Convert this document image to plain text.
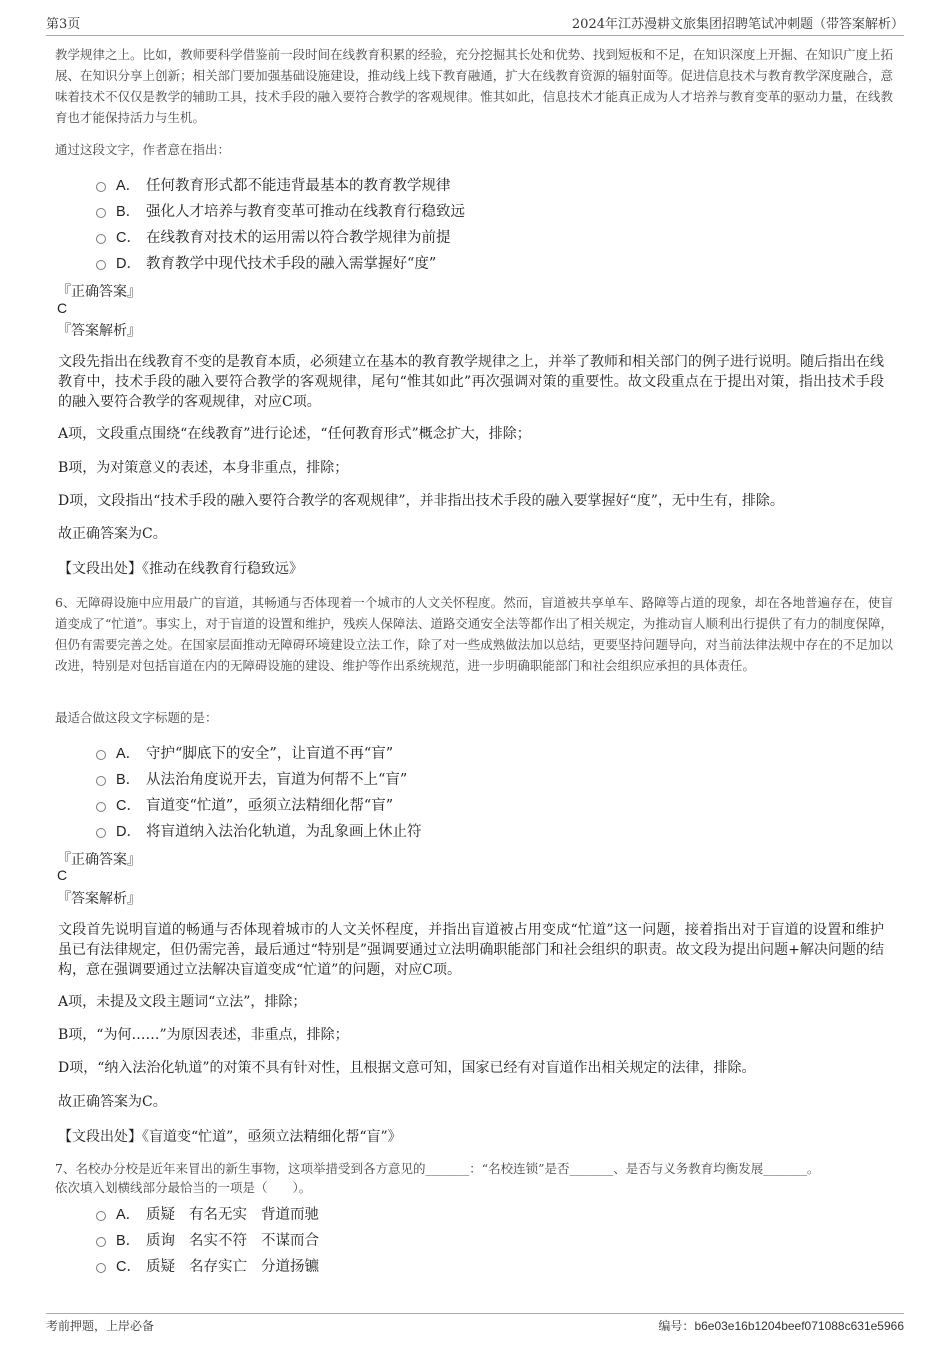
第3页	2024年江苏漫耕文旅集团招聘笔试冲刺题（带答案解析）
教学规律之上。比如，教师要科学借鉴前一段时间在线教育积累的经验，充分挖掘其长处和优势、找到短板和不足，在知识深度上开掘、在知识广度上拓展、在知识分享上创新；相关部门要加强基础设施建设，推动线上线下教育融通，扩大在线教育资源的辐射面等。促进信息技术与教育教学深度融合，意味着技术不仅仅是教学的辅助工具，技术手段的融入要符合教学的客观规律。惟其如此，信息技术才能真正成为人才培养与教育变革的驱动力量，在线教育也才能保持活力与生机。
通过这段文字，作者意在指出：
A． 任何教育形式都不能违背最基本的教育教学规律
B． 强化人才培养与教育变革可推动在线教育行稳致远
C． 在线教育对技术的运用需以符合教学规律为前提
D． 教育教学中现代技术手段的融入需掌握好“度”
『正确答案』
C
『答案解析』
文段先指出在线教育不变的是教育本质，必须建立在基本的教育教学规律之上，并举了教师和相关部门的例子进行说明。随后指出在线教育中，技术手段的融入要符合教学的客观规律，尾句“惟其如此”再次强调对策的重要性。故文段重点在于提出对策，指出技术手段的融入要符合教学的客观规律，对应C项。
A项，文段重点围绕“在线教育”进行论述，“任何教育形式”概念扩大，排除；
B项，为对策意义的表述，本身非重点，排除；
D项，文段指出“技术手段的融入要符合教学的客观规律”，并非指出技术手段的融入要掌握好“度”，无中生有，排除。
故正确答案为C。
【文段出处】《推动在线教育行稳致远》
6、无障碍设施中应用最广的盲道，其畅通与否体现着一个城市的人文关怀程度。然而，盲道被共享单车、路障等占道的现象，却在各地普遍存在，使盲道变成了“忙道”。事实上，对于盲道的设置和维护，残疾人保障法、道路交通安全法等都作出了相关规定，为推动盲人顺利出行提供了有力的制度保障，但仍有需要完善之处。在国家层面推动无障碍环境建设立法工作，除了对一些成熟做法加以总结，更要坚持问题导向，对当前法律法规中存在的不足加以改进，特别是对包括盲道在内的无障碍设施的建设、维护等作出系统规范，进一步明确职能部门和社会组织应承担的具体责任。
最适合做这段文字标题的是：
A． 守护“脚底下的安全”，让盲道不再“盲”
B． 从法治角度说开去，盲道为何帮不上“盲”
C． 盲道变“忙道”，亟须立法精细化帮“盲”
D． 将盲道纳入法治化轨道，为乱象画上休止符
『正确答案』
C
『答案解析』
文段首先说明盲道的畅通与否体现着城市的人文关怀程度，并指出盲道被占用变成“忙道”这一问题，接着指出对于盲道的设置和维护虽已有法律规定，但仍需完善，最后通过“特别是”强调要通过立法明确职能部门和社会组织的职责。故文段为提出问题+解决问题的结构，意在强调要通过立法解决盲道变成“忙道”的问题，对应C项。
A项，未提及文段主题词“立法”，排除；
B项，“为何……”为原因表述，非重点，排除；
D项，“纳入法治化轨道”的对策不具有针对性，且根据文意可知，国家已经有对盲道作出相关规定的法律，排除。
故正确答案为C。
【文段出处】《盲道变“忙道”，亟须立法精细化帮“盲”》
7、名校办分校是近年来冒出的新生事物，这项举措受到各方意见的_______：“名校连锁”是否_______、是否与义务教育均衡发展_______。
依次填入划横线部分最恰当的一项是（　　）。
A． 质疑 有名无实 背道而驰
B． 质询 名实不符 不谋而合
C． 质疑 名存实亡 分道扬镳
考前押题，上岸必备	编号：b6e03e16b1204beef071088c631e5966
